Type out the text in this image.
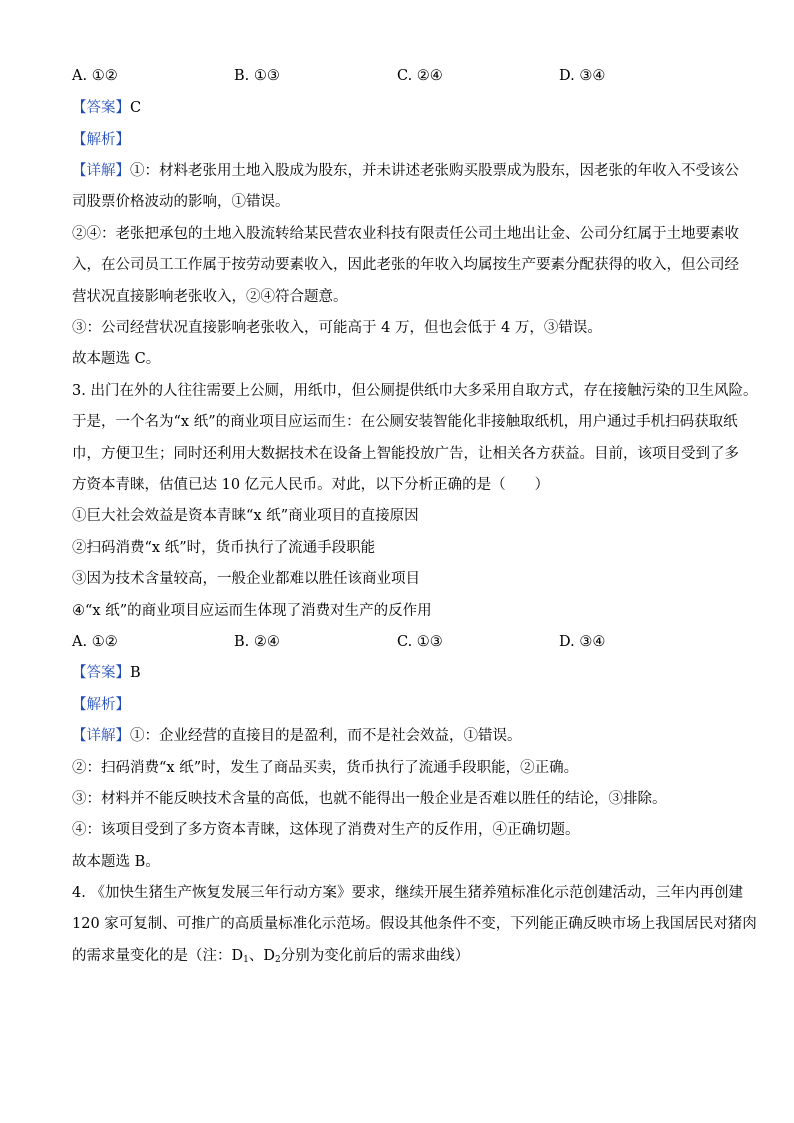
A. ①②	B. ①③	C. ②④	D. ③④
【答案】C
【解析】
【详解】①：材料老张用土地入股成为股东，并未讲述老张购买股票成为股东，因老张的年收入不受该公
司股票价格波动的影响，①错误。
②④：老张把承包的土地入股流转给某民营农业科技有限责任公司土地出让金、公司分红属于土地要素收
入，在公司员工工作属于按劳动要素收入，因此老张的年收入均属按生产要素分配获得的收入，但公司经
营状况直接影响老张收入，②④符合题意。
③：公司经营状况直接影响老张收入，可能高于 4 万，但也会低于 4 万，③错误。
故本题选 C。
3. 出门在外的人往往需要上公厕，用纸巾，但公厕提供纸巾大多采用自取方式，存在接触污染的卫生风险。
于是，一个名为“x 纸”的商业项目应运而生：在公厕安装智能化非接触取纸机，用户通过手机扫码获取纸
巾，方便卫生；同时还利用大数据技术在设备上智能投放广告，让相关各方获益。目前，该项目受到了多
方资本青睐，估值已达 10 亿元人民币。对此，以下分析正确的是（　　）
①巨大社会效益是资本青睐“x 纸”商业项目的直接原因
②扫码消费“x 纸”时，货币执行了流通手段职能
③因为技术含量较高，一般企业都难以胜任该商业项目
④“x 纸”的商业项目应运而生体现了消费对生产的反作用
A. ①②	B. ②④	C. ①③	D. ③④
【答案】B
【解析】
【详解】①：企业经营的直接目的是盈利，而不是社会效益，①错误。
②：扫码消费“x 纸”时，发生了商品买卖，货币执行了流通手段职能，②正确。
③：材料并不能反映技术含量的高低，也就不能得出一般企业是否难以胜任的结论，③排除。
④：该项目受到了多方资本青睐，这体现了消费对生产的反作用，④正确切题。
故本题选 B。
4. 《加快生猪生产恢复发展三年行动方案》要求，继续开展生猪养殖标准化示范创建活动，三年内再创建
120 家可复制、可推广的高质量标准化示范场。假设其他条件不变，下列能正确反映市场上我国居民对猪肉
的需求量变化的是（注：$D_1$、$D_2$分别为变化前后的需求曲线）
